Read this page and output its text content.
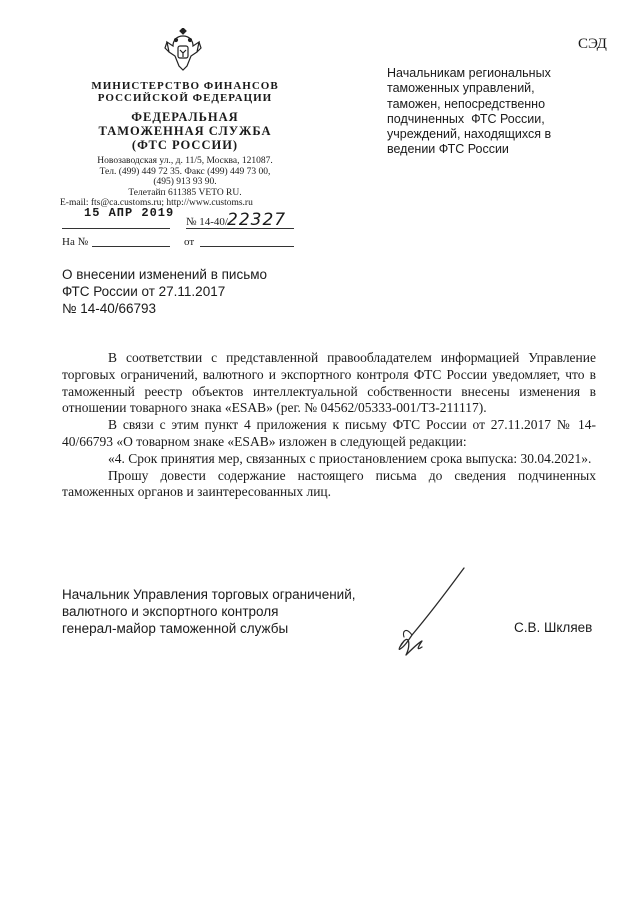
СЭД
МИНИСТЕРСТВО ФИНАНСОВ
РОССИЙСКОЙ ФЕДЕРАЦИИ
ФЕДЕРАЛЬНАЯ
ТАМОЖЕННАЯ СЛУЖБА
(ФТС РОССИИ)
Новозаводская ул., д. 11/5, Москва, 121087.
Тел. (499) 449 72 35. Факс (499) 449 73 00,
(495) 913 93 90.
Телетайп 611385 VETO RU.
E-mail: fts@ca.customs.ru; http://www.customs.ru
15 АПР 2019
№ 14-40/ 22327
На №	от
Начальникам региональных
таможенных управлений,
таможен, непосредственно
подчиненных  ФТС России,
учреждений, находящихся в
ведении ФТС России
О внесении изменений в письмо
ФТС России от 27.11.2017
№ 14-40/66793

В соответствии с представленной правообладателем информацией Управление торговых ограничений, валютного и экспортного контроля ФТС России уведомляет, что в таможенный реестр объектов интеллектуальной собственности внесены изменения в отношении товарного знака «ESAB» (рег. № 04562/05333-001/ТЗ-211117).

В связи с этим пункт 4 приложения к письму ФТС России от 27.11.2017 № 14-40/66793 «О товарном знаке «ESAB» изложен в следующей редакции:

«4. Срок принятия мер, связанных с приостановлением срока выпуска: 30.04.2021».

Прошу довести содержание настоящего письма до сведения подчиненных таможенных органов и заинтересованных лиц.

Начальник Управления торговых ограничений,
валютного и экспортного контроля
генерал-майор таможенной службы	С.В. Шкляев
